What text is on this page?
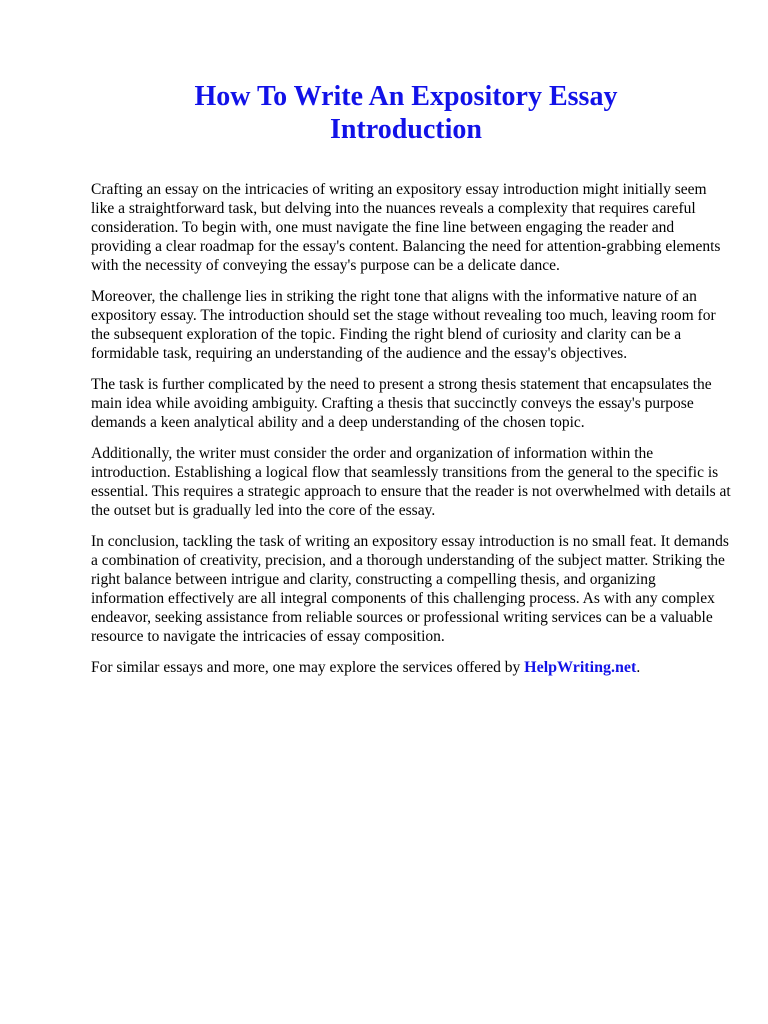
How To Write An Expository Essay
Introduction

Crafting an essay on the intricacies of writing an expository essay introduction might initially seem like a straightforward task, but delving into the nuances reveals a complexity that requires careful consideration. To begin with, one must navigate the fine line between engaging the reader and providing a clear roadmap for the essay's content. Balancing the need for attention-grabbing elements with the necessity of conveying the essay's purpose can be a delicate dance.

Moreover, the challenge lies in striking the right tone that aligns with the informative nature of an expository essay. The introduction should set the stage without revealing too much, leaving room for the subsequent exploration of the topic. Finding the right blend of curiosity and clarity can be a formidable task, requiring an understanding of the audience and the essay's objectives.

The task is further complicated by the need to present a strong thesis statement that encapsulates the main idea while avoiding ambiguity. Crafting a thesis that succinctly conveys the essay's purpose demands a keen analytical ability and a deep understanding of the chosen topic.

Additionally, the writer must consider the order and organization of information within the introduction. Establishing a logical flow that seamlessly transitions from the general to the specific is essential. This requires a strategic approach to ensure that the reader is not overwhelmed with details at the outset but is gradually led into the core of the essay.

In conclusion, tackling the task of writing an expository essay introduction is no small feat. It demands a combination of creativity, precision, and a thorough understanding of the subject matter. Striking the right balance between intrigue and clarity, constructing a compelling thesis, and organizing information effectively are all integral components of this challenging process. As with any complex endeavor, seeking assistance from reliable sources or professional writing services can be a valuable resource to navigate the intricacies of essay composition.

For similar essays and more, one may explore the services offered by HelpWriting.net.
